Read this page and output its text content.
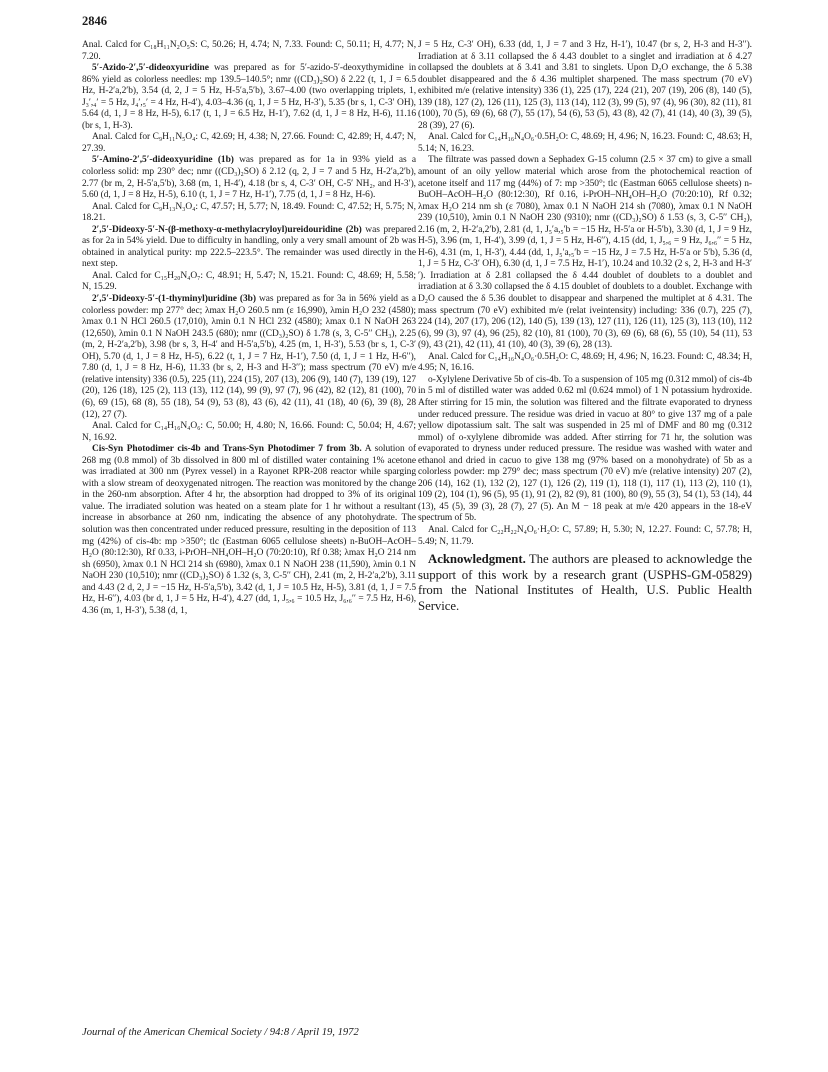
2846

Anal. Calcd for C₁₈H₁₁N₂O₅S: C, 50.26; H, 4.74; N, 7.33. Found: C, 50.11; H, 4.77; N, 7.20.

5′-Azido-2′,5′-dideoxyuridine was prepared as for 5′-azido-5′-deoxythymidine in 86% yield as colorless needles: mp 139.5–140.5°; nmr ((CD₃)₂SO) δ 2.22 (t, 1, J = 6.5 Hz, H-2′a,2′b), 3.54 (d, 2, J = 5 Hz, H-5′a,5′b), 3.67–4.00 (two overlapping triplets, 1, J₃′,₄′ = 5 Hz, J₄′,₅′ = 4 Hz, H-4′), 4.03–4.36 (q, 1, J = 5 Hz, H-3′), 5.35 (br s, 1, C-3′ OH), 5.64 (d, 1, J = 8 Hz, H-5), 6.17 (t, 1, J = 6.5 Hz, H-1′), 7.62 (d, 1, J = 8 Hz, H-6), 11.16 (br s, 1, H-3).

Anal. Calcd for C₉H₁₁N₅O₄: C, 42.69; H, 4.38; N, 27.66. Found: C, 42.89; H, 4.47; N, 27.39.

5′-Amino-2′,5′-dideoxyuridine (1b) was prepared as for 1a in 93% yield as a colorless solid: mp 230° dec; nmr ((CD₃)₂SO) δ 2.12 (q, 2, J = 7 and 5 Hz, H-2′a,2′b), 2.77 (br m, 2, H-5′a,5′b), 3.68 (m, 1, H-4′), 4.18 (br s, 4, C-3′ OH, C-5′ NH₂, and H-3′), 5.60 (d, 1, J = 8 Hz, H-5), 6.10 (t, 1, J = 7 Hz, H-1′), 7.75 (d, 1, J = 8 Hz, H-6).

Anal. Calcd for C₉H₁₃N₃O₄: C, 47.57; H, 5.77; N, 18.49. Found: C, 47.52; H, 5.75; N, 18.21.

2′,5′-Dideoxy-5′-N-(β-methoxy-α-methylacryloyl)ureidouridine (2b) was prepared as for 2a in 54% yield. Due to difficulty in handling, only a very small amount of 2b was obtained in analytical purity: mp 222.5–223.5°. The remainder was used directly in the next step.

Anal. Calcd for C₁₅H₂₀N₄O₇: C, 48.91; H, 5.47; N, 15.21. Found: C, 48.69; H, 5.58; N, 15.29.

2′,5′-Dideoxy-5′-(1-thyminyl)uridine (3b) was prepared as for 3a in 56% yield as a colorless powder: mp 277° dec; λmax H₂O 260.5 nm (ε 16,990), λmin H₂O 232 (4580); λmax 0.1 N HCl 260.5 (17,010), λmin 0.1 N HCl 232 (4580); λmax 0.1 N NaOH 263 (12,650), λmin 0.1 N NaOH 243.5 (680); nmr ((CD₃)₂SO) δ 1.78 (s, 3, C-5′′ CH₃), 2.25 (m, 2, H-2′a,2′b), 3.98 (br s, 3, H-4′ and H-5′a,5′b), 4.25 (m, 1, H-3′), 5.53 (br s, 1, C-3′ OH), 5.70 (d, 1, J = 8 Hz, H-5), 6.22 (t, 1, J = 7 Hz, H-1′), 7.50 (d, 1, J = 1 Hz, H-6′′), 7.80 (d, 1, J = 8 Hz, H-6), 11.33 (br s, 2, H-3 and H-3′′); mass spectrum (70 eV) m/e (relative intensity) 336 (0.5), 225 (11), 224 (15), 207 (13), 206 (9), 140 (7), 139 (19), 127 (20), 126 (18), 125 (2), 113 (13), 112 (14), 99 (9), 97 (7), 96 (42), 82 (12), 81 (100), 70 (6), 69 (15), 68 (8), 55 (18), 54 (9), 53 (8), 43 (6), 42 (11), 41 (18), 40 (6), 39 (8), 28 (12), 27 (7).

Anal. Calcd for C₁₄H₁₆N₄O₆: C, 50.00; H, 4.80; N, 16.66. Found: C, 50.04; H, 4.67; N, 16.92.

Cis-Syn Photodimer cis-4b and Trans-Syn Photodimer 7 from 3b. A solution of 268 mg (0.8 mmol) of 3b dissolved in 800 ml of distilled water containing 1% acetone was irradiated at 300 nm (Pyrex vessel) in a Rayonet RPR-208 reactor while sparging with a slow stream of deoxygenated nitrogen. The reaction was monitored by the change in the 260-nm absorption. After 4 hr, the absorption had dropped to 3% of its original value. The irradiated solution was heated on a steam plate for 1 hr without a resultant increase in absorbance at 260 nm, indicating the absence of any photohydrate. The solution was then concentrated under reduced pressure, resulting in the deposition of 113 mg (42%) of cis-4b: mp >350°; tlc (Eastman 6065 cellulose sheets) n-BuOH–AcOH–H₂O (80:12:30), Rf 0.33, i-PrOH–NH₄OH–H₂O (70:20:10), Rf 0.38; λmax H₂O 214 nm sh (6950), λmax 0.1 N HCl 214 sh (6980), λmax 0.1 N NaOH 238 (11,590), λmin 0.1 N NaOH 230 (10,510); nmr ((CD₃)₂SO) δ 1.32 (s, 3, C-5′′ CH), 2.41 (m, 2, H-2′a,2′b), 3.11 and 4.43 (2 d, 2, J = −15 Hz, H-5′a,5′b), 3.42 (d, 1, J = 10.5 Hz, H-5), 3.81 (d, 1, J = 7.5 Hz, H-6′′), 4.03 (br d, 1, J = 5 Hz, H-4′), 4.27 (dd, 1, J₅,₆ = 10.5 Hz, J₆,₆′′ = 7.5 Hz, H-6), 4.36 (m, 1, H-3′), 5.38 (d, 1,

J = 5 Hz, C-3′ OH), 6.33 (dd, 1, J = 7 and 3 Hz, H-1′), 10.47 (br s, 2, H-3 and H-3′′). Irradiation at δ 3.11 collapsed the δ 4.43 doublet to a singlet and irradiation at δ 4.27 collapsed the doublets at δ 3.41 and 3.81 to singlets. Upon D₂O exchange, the δ 5.38 doublet disappeared and the δ 4.36 multiplet sharpened. The mass spectrum (70 eV) exhibited m/e (relative intensity) 336 (1), 225 (17), 224 (21), 207 (19), 206 (8), 140 (5), 139 (18), 127 (2), 126 (11), 125 (3), 113 (14), 112 (3), 99 (5), 97 (4), 96 (30), 82 (11), 81 (100), 70 (5), 69 (6), 68 (7), 55 (17), 54 (6), 53 (5), 43 (8), 42 (7), 41 (14), 40 (3), 39 (5), 28 (39), 27 (6).

Anal. Calcd for C₁₄H₁₆N₄O₆·0.5H₂O: C, 48.69; H, 4.96; N, 16.23. Found: C, 48.63; H, 5.14; N, 16.23.

The filtrate was passed down a Sephadex G-15 column (2.5 × 37 cm) to give a small amount of an oily yellow material which arose from the photochemical reaction of acetone itself and 117 mg (44%) of 7: mp >350°; tlc (Eastman 6065 cellulose sheets) n-BuOH–AcOH–H₂O (80:12:30), Rf 0.16, i-PrOH–NH₄OH–H₂O (70:20:10), Rf 0.32; λmax H₂O 214 nm sh (ε 7080), λmax 0.1 N NaOH 214 sh (7080), λmax 0.1 N NaOH 239 (10,510), λmin 0.1 N NaOH 230 (9310); nmr ((CD₃)₂SO) δ 1.53 (s, 3, C-5′′ CH₂), 2.16 (m, 2, H-2′a,2′b), 2.81 (d, 1, J₅′a,₅′b = −15 Hz, H-5′a or H-5′b), 3.30 (d, 1, J = 9 Hz, H-5), 3.96 (m, 1, H-4′), 3.99 (d, 1, J = 5 Hz, H-6′′), 4.15 (dd, 1, J₅,₆ = 9 Hz, J₆,₆′′ = 5 Hz, H-6), 4.31 (m, 1, H-3′), 4.44 (dd, 1, J₅′a,₅′b = −15 Hz, J = 7.5 Hz, H-5′a or 5′b), 5.36 (d, 1, J = 5 Hz, C-3′ OH), 6.30 (d, 1, J = 7.5 Hz, H-1′), 10.24 and 10.32 (2 s, 2, H-3 and H-3′′). Irradiation at δ 2.81 collapsed the δ 4.44 doublet of doublets to a doublet and irradiation at δ 3.30 collapsed the δ 4.15 doublet of doublets to a doublet. Exchange with D₂O caused the δ 5.36 doublet to disappear and sharpened the multiplet at δ 4.31. The mass spectrum (70 eV) exhibited m/e (relat iveintensity) including: 336 (0.7), 225 (7), 224 (14), 207 (17), 206 (12), 140 (5), 139 (13), 127 (11), 126 (11), 125 (3), 113 (10), 112 (6), 99 (3), 97 (4), 96 (25), 82 (10), 81 (100), 70 (3), 69 (6), 68 (6), 55 (10), 54 (11), 53 (9), 43 (21), 42 (11), 41 (10), 40 (3), 39 (6), 28 (13).

Anal. Calcd for C₁₄H₁₆N₄O₆·0.5H₂O: C, 48.69; H, 4.96; N, 16.23. Found: C, 48.34; H, 4.95; N, 16.16.

o-Xylylene Derivative 5b of cis-4b. To a suspension of 105 mg (0.312 mmol) of cis-4b in 5 ml of distilled water was added 0.62 ml (0.624 mmol) of 1 N potassium hydroxide. After stirring for 15 min, the solution was filtered and the filtrate evaporated to dryness under reduced pressure. The residue was dried in vacuo at 80° to give 137 mg of a pale yellow dipotassium salt. The salt was suspended in 25 ml of DMF and 80 mg (0.312 mmol) of o-xylylene dibromide was added. After stirring for 71 hr, the solution was evaporated to dryness under reduced pressure. The residue was washed with water and ethanol and dried in cacuo to give 138 mg (97% based on a monohydrate) of 5b as a colorless powder: mp 279° dec; mass spectrum (70 eV) m/e (relative intensity) 207 (2), 206 (14), 162 (1), 132 (2), 127 (1), 126 (2), 119 (1), 118 (1), 117 (1), 113 (2), 110 (1), 109 (2), 104 (1), 96 (5), 95 (1), 91 (2), 82 (9), 81 (100), 80 (9), 55 (3), 54 (1), 53 (14), 44 (13), 45 (5), 39 (3), 28 (7), 27 (5). An M − 18 peak at m/e 420 appears in the 18-eV spectrum of 5b.

Anal. Calcd for C₂₂H₂₂N₄O₆·H₂O: C, 57.89; H, 5.30; N, 12.27. Found: C, 57.78; H, 5.49; N, 11.79.

Acknowledgment. The authors are pleased to acknowledge the support of this work by a research grant (USPHS-GM-05829) from the National Institutes of Health, U.S. Public Health Service.

Journal of the American Chemical Society / 94:8 / April 19, 1972
